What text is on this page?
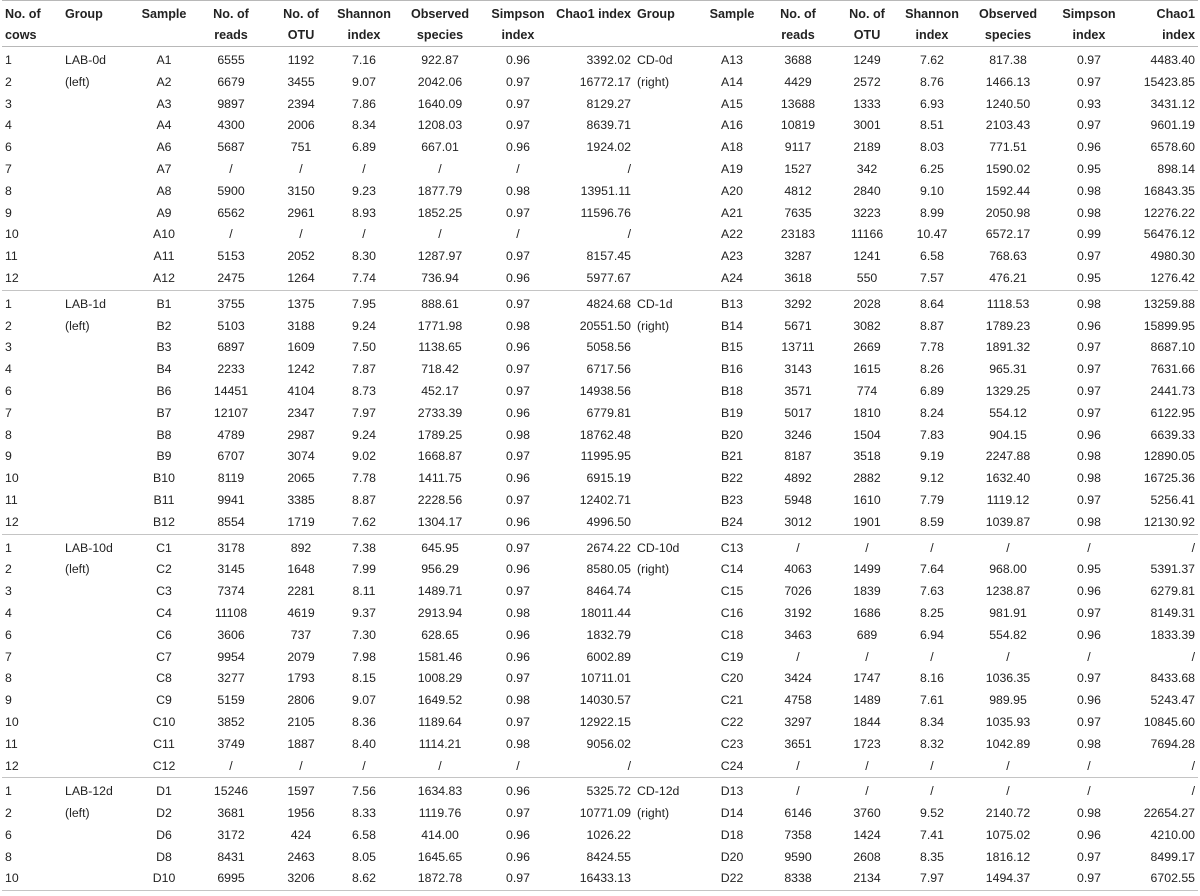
No. of cows	Group	Sample	No. of reads	No. of OTU	Shannon index	Observed species	Simpson index	Chao1 index	Group	Sample	No. of reads	No. of OTU	Shannon index	Observed species	Simpson index	Chao1 index
1	LAB-0d	A1	6555	1192	7.16	922.87	0.96	3392.02	CD-0d	A13	3688	1249	7.62	817.38	0.97	4483.40
2	(left)	A2	6679	3455	9.07	2042.06	0.97	16772.17	(right)	A14	4429	2572	8.76	1466.13	0.97	15423.85
3		A3	9897	2394	7.86	1640.09	0.97	8129.27		A15	13688	1333	6.93	1240.50	0.93	3431.12
4		A4	4300	2006	8.34	1208.03	0.97	8639.71		A16	10819	3001	8.51	2103.43	0.97	9601.19
6		A6	5687	751	6.89	667.01	0.96	1924.02		A18	9117	2189	8.03	771.51	0.96	6578.60
7		A7	/	/	/	/	/	/		A19	1527	342	6.25	1590.02	0.95	898.14
8		A8	5900	3150	9.23	1877.79	0.98	13951.11		A20	4812	2840	9.10	1592.44	0.98	16843.35
9		A9	6562	2961	8.93	1852.25	0.97	11596.76		A21	7635	3223	8.99	2050.98	0.98	12276.22
10		A10	/	/	/	/	/	/		A22	23183	11166	10.47	6572.17	0.99	56476.12
11		A11	5153	2052	8.30	1287.97	0.97	8157.45		A23	3287	1241	6.58	768.63	0.97	4980.30
12		A12	2475	1264	7.74	736.94	0.96	5977.67		A24	3618	550	7.57	476.21	0.95	1276.42
1	LAB-1d	B1	3755	1375	7.95	888.61	0.97	4824.68	CD-1d	B13	3292	2028	8.64	1118.53	0.98	13259.88
2	(left)	B2	5103	3188	9.24	1771.98	0.98	20551.50	(right)	B14	5671	3082	8.87	1789.23	0.96	15899.95
3		B3	6897	1609	7.50	1138.65	0.96	5058.56		B15	13711	2669	7.78	1891.32	0.97	8687.10
4		B4	2233	1242	7.87	718.42	0.97	6717.56		B16	3143	1615	8.26	965.31	0.97	7631.66
6		B6	14451	4104	8.73	452.17	0.97	14938.56		B18	3571	774	6.89	1329.25	0.97	2441.73
7		B7	12107	2347	7.97	2733.39	0.96	6779.81		B19	5017	1810	8.24	554.12	0.97	6122.95
8		B8	4789	2987	9.24	1789.25	0.98	18762.48		B20	3246	1504	7.83	904.15	0.96	6639.33
9		B9	6707	3074	9.02	1668.87	0.97	11995.95		B21	8187	3518	9.19	2247.88	0.98	12890.05
10		B10	8119	2065	7.78	1411.75	0.96	6915.19		B22	4892	2882	9.12	1632.40	0.98	16725.36
11		B11	9941	3385	8.87	2228.56	0.97	12402.71		B23	5948	1610	7.79	1119.12	0.97	5256.41
12		B12	8554	1719	7.62	1304.17	0.96	4996.50		B24	3012	1901	8.59	1039.87	0.98	12130.92
1	LAB-10d	C1	3178	892	7.38	645.95	0.97	2674.22	CD-10d	C13	/	/	/	/	/	/
2	(left)	C2	3145	1648	7.99	956.29	0.96	8580.05	(right)	C14	4063	1499	7.64	968.00	0.95	5391.37
3		C3	7374	2281	8.11	1489.71	0.97	8464.74		C15	7026	1839	7.63	1238.87	0.96	6279.81
4		C4	11108	4619	9.37	2913.94	0.98	18011.44		C16	3192	1686	8.25	981.91	0.97	8149.31
6		C6	3606	737	7.30	628.65	0.96	1832.79		C18	3463	689	6.94	554.82	0.96	1833.39
7		C7	9954	2079	7.98	1581.46	0.96	6002.89		C19	/	/	/	/	/	/
8		C8	3277	1793	8.15	1008.29	0.97	10711.01		C20	3424	1747	8.16	1036.35	0.97	8433.68
9		C9	5159	2806	9.07	1649.52	0.98	14030.57		C21	4758	1489	7.61	989.95	0.96	5243.47
10		C10	3852	2105	8.36	1189.64	0.97	12922.15		C22	3297	1844	8.34	1035.93	0.97	10845.60
11		C11	3749	1887	8.40	1114.21	0.98	9056.02		C23	3651	1723	8.32	1042.89	0.98	7694.28
12		C12	/	/	/	/	/	/		C24	/	/	/	/	/	/
1	LAB-12d	D1	15246	1597	7.56	1634.83	0.96	5325.72	CD-12d	D13	/	/	/	/	/	/
2	(left)	D2	3681	1956	8.33	1119.76	0.97	10771.09	(right)	D14	6146	3760	9.52	2140.72	0.98	22654.27
6		D6	3172	424	6.58	414.00	0.96	1026.22		D18	7358	1424	7.41	1075.02	0.96	4210.00
8		D8	8431	2463	8.05	1645.65	0.96	8424.55		D20	9590	2608	8.35	1816.12	0.97	8499.17
10		D10	6995	3206	8.62	1872.78	0.97	16433.13		D22	8338	2134	7.97	1494.37	0.97	6702.55
